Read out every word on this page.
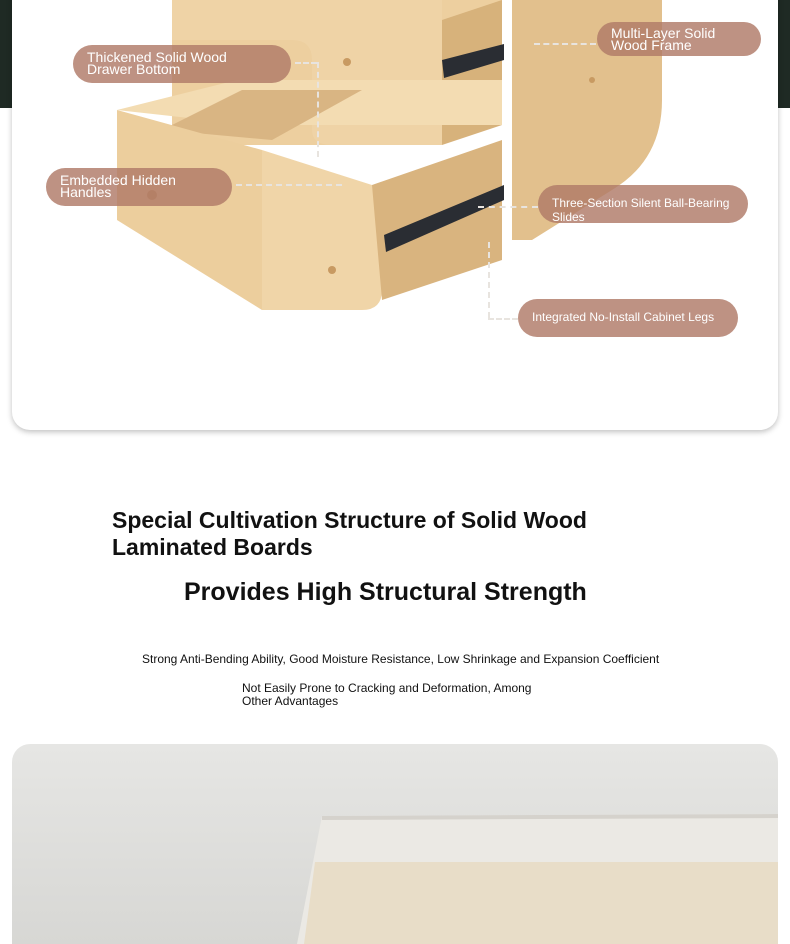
Thickened Solid Wood
Drawer Bottom
Embedded Hidden
Handles
Multi-Layer Solid
Wood Frame
Three-Section Silent Ball-Bearing Slides
Integrated No-Install Cabinet Legs
Special Cultivation Structure of Solid Wood
Laminated Boards
Provides High Structural Strength
Strong Anti-Bending Ability, Good Moisture Resistance, Low Shrinkage and Expansion Coefficient
Not Easily Prone to Cracking and Deformation, Among
Other Advantages
